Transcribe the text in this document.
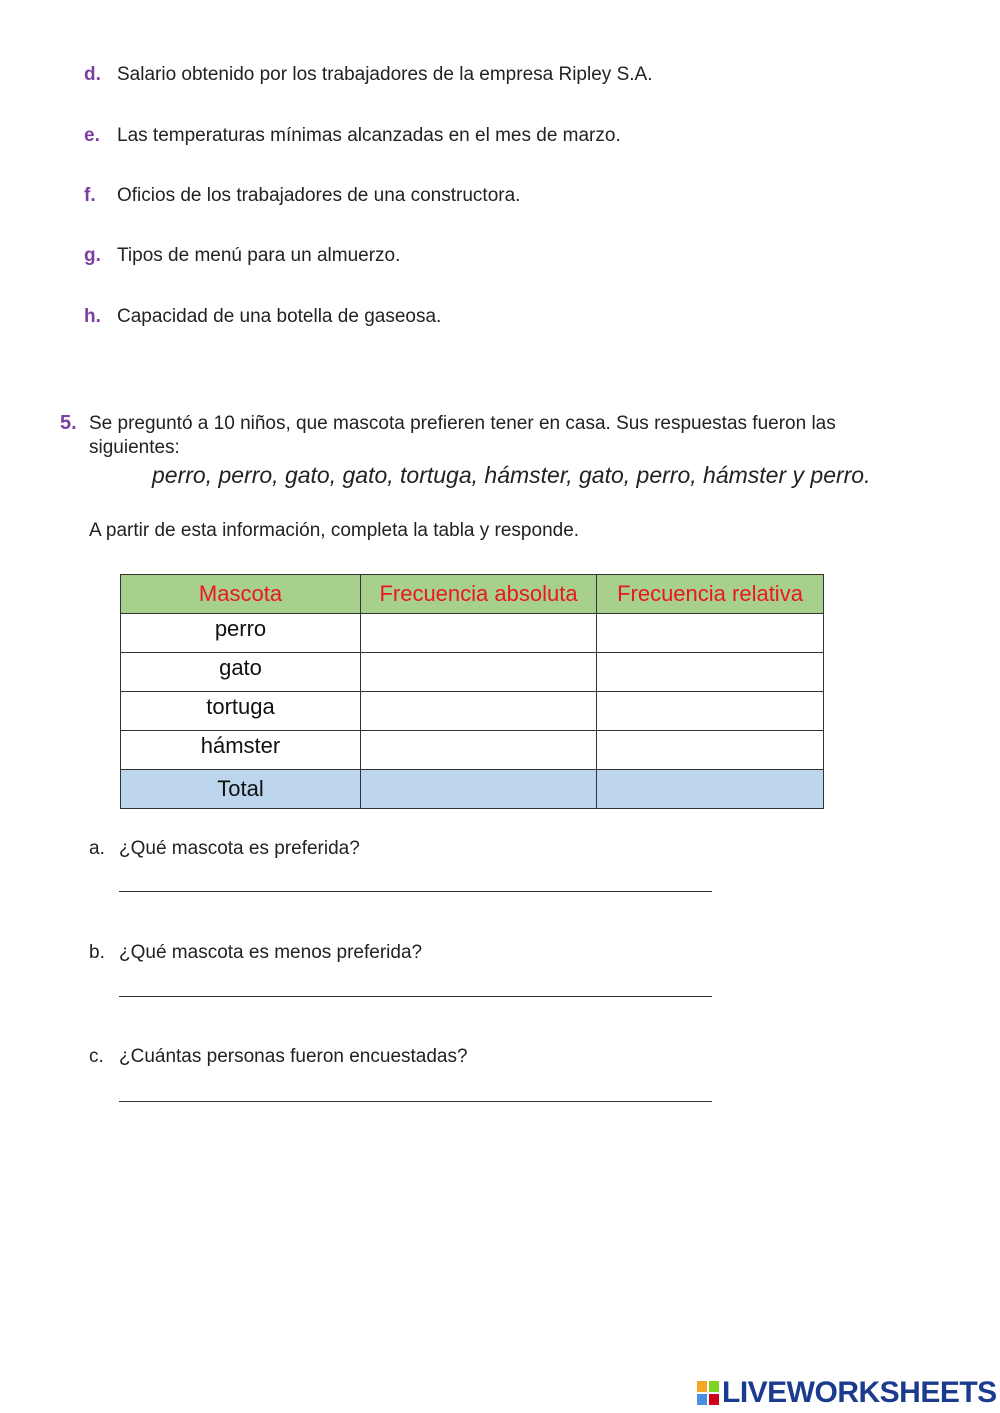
d. Salario obtenido por los trabajadores de la empresa Ripley S.A.
e. Las temperaturas mínimas alcanzadas en el mes de marzo.
f. Oficios de los trabajadores de una constructora.
g. Tipos de menú para un almuerzo.
h. Capacidad de una botella de gaseosa.
5. Se preguntó a 10 niños, que mascota prefieren tener en casa. Sus respuestas fueron las siguientes:
perro, perro, gato, gato, tortuga, hámster, gato, perro, hámster y perro.
A partir de esta información, completa la tabla y responde.
Mascota	Frecuencia absoluta	Frecuencia relativa
perro		
gato		
tortuga		
hámster		
Total		
a. ¿Qué mascota es preferida?
b. ¿Qué mascota es menos preferida?
c. ¿Cuántas personas fueron encuestadas?
LIVEWORKSHEETS
